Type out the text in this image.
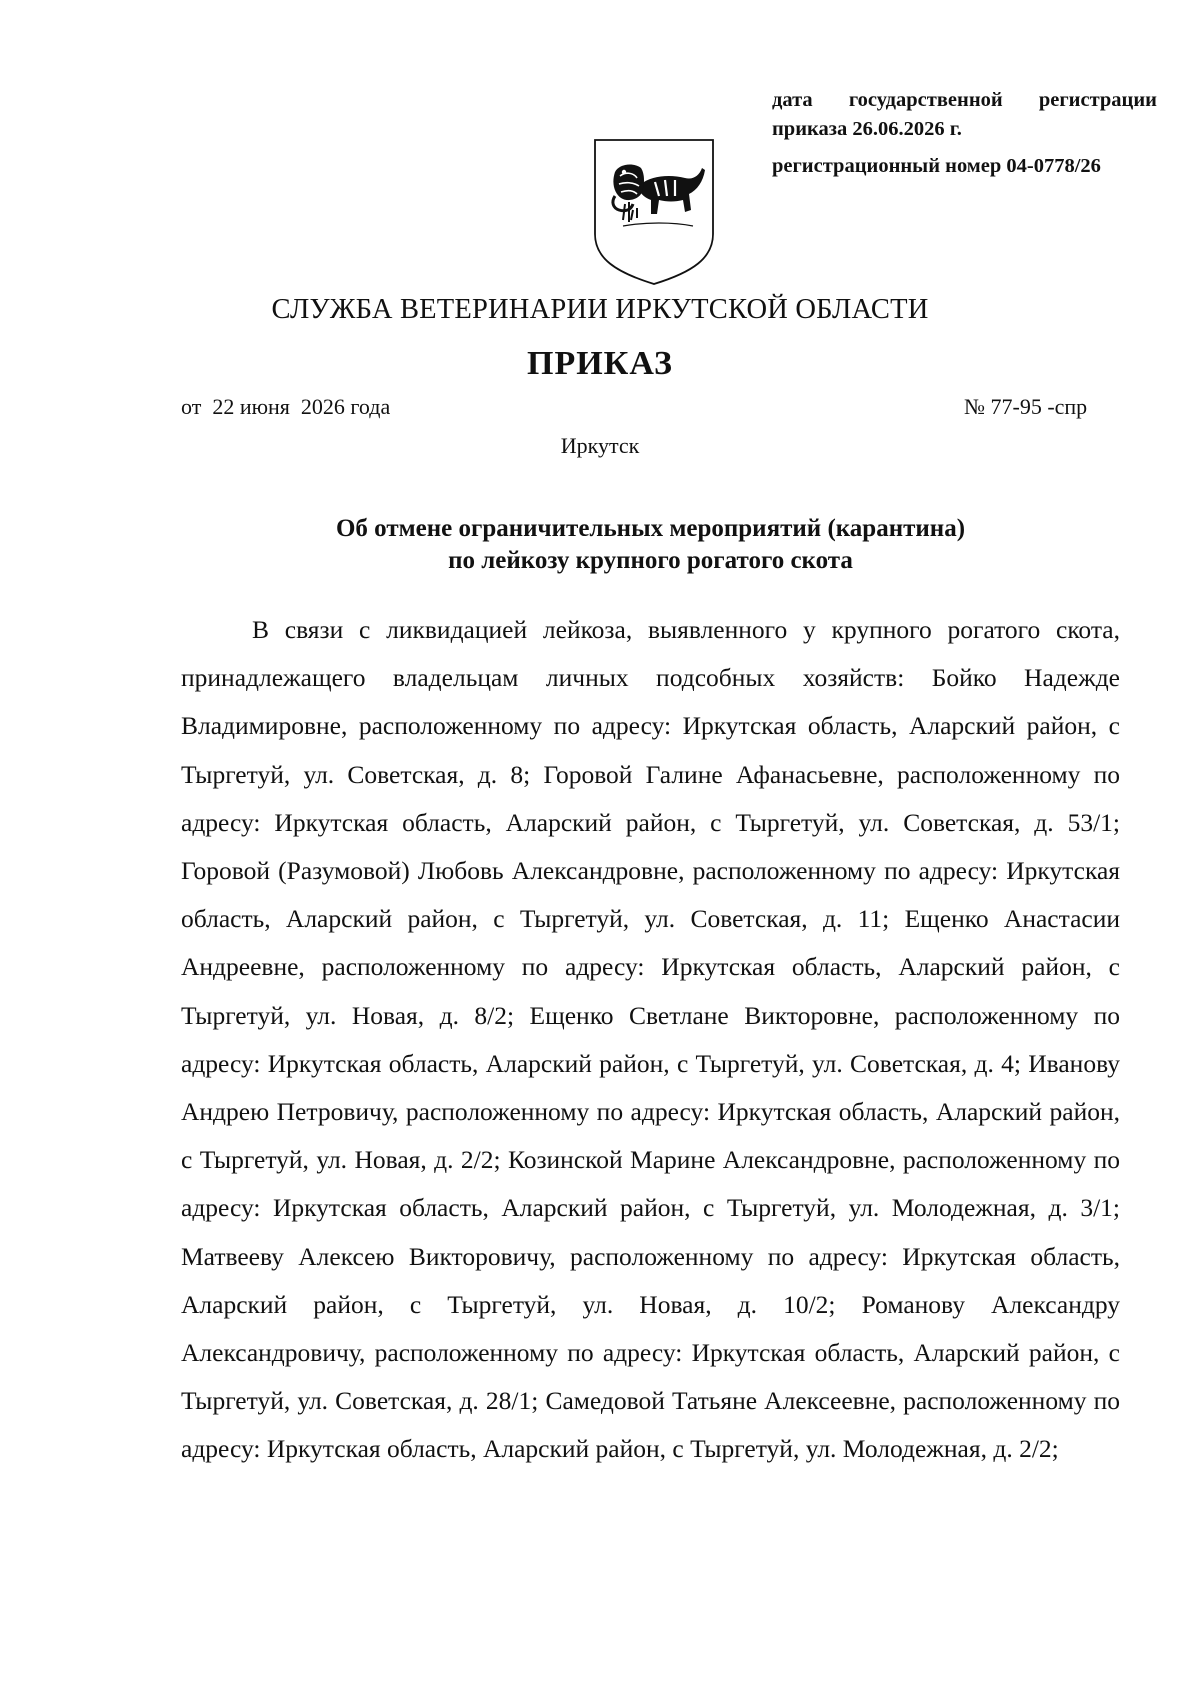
дата государственной регистрации
приказа 26.06.2026 г.
регистрационный номер 04-0778/26
СЛУЖБА ВЕТЕРИНАРИИ ИРКУТСКОЙ ОБЛАСТИ
ПРИКАЗ
от  22 июня  2026 года	№ 77-95 -спр
Иркутск
Об отмене ограничительных мероприятий (карантина)
по лейкозу крупного рогатого скота

В связи с ликвидацией лейкоза, выявленного у крупного рогатого скота, принадлежащего владельцам личных подсобных хозяйств: Бойко Надежде Владимировне, расположенному по адресу: Иркутская область, Аларский район, с Тыргетуй, ул. Советская, д. 8; Горовой Галине Афанасьевне, расположенному по адресу: Иркутская область, Аларский район, с Тыргетуй, ул. Советская, д. 53/1; Горовой (Разумовой) Любовь Александровне, расположенному по адресу: Иркутская область, Аларский район, с Тыргетуй, ул. Советская, д. 11; Ещенко Анастасии Андреевне, расположенному по адресу: Иркутская область, Аларский район, с Тыргетуй, ул. Новая, д. 8/2; Ещенко Светлане Викторовне, расположенному по адресу: Иркутская область, Аларский район, с Тыргетуй, ул. Советская, д. 4; Иванову Андрею Петровичу, расположенному по адресу: Иркутская область, Аларский район, с Тыргетуй, ул. Новая, д. 2/2; Козинской Марине Александровне, расположенному по адресу: Иркутская область, Аларский район, с Тыргетуй, ул. Молодежная, д. 3/1; Матвееву Алексею Викторовичу, расположенному по адресу: Иркутская область, Аларский район, с Тыргетуй, ул. Новая, д. 10/2; Романову Александру Александровичу, расположенному по адресу: Иркутская область, Аларский район, с Тыргетуй, ул. Советская, д. 28/1; Самедовой Татьяне Алексеевне, расположенному по адресу: Иркутская область, Аларский район, с Тыргетуй, ул. Молодежная, д. 2/2;
